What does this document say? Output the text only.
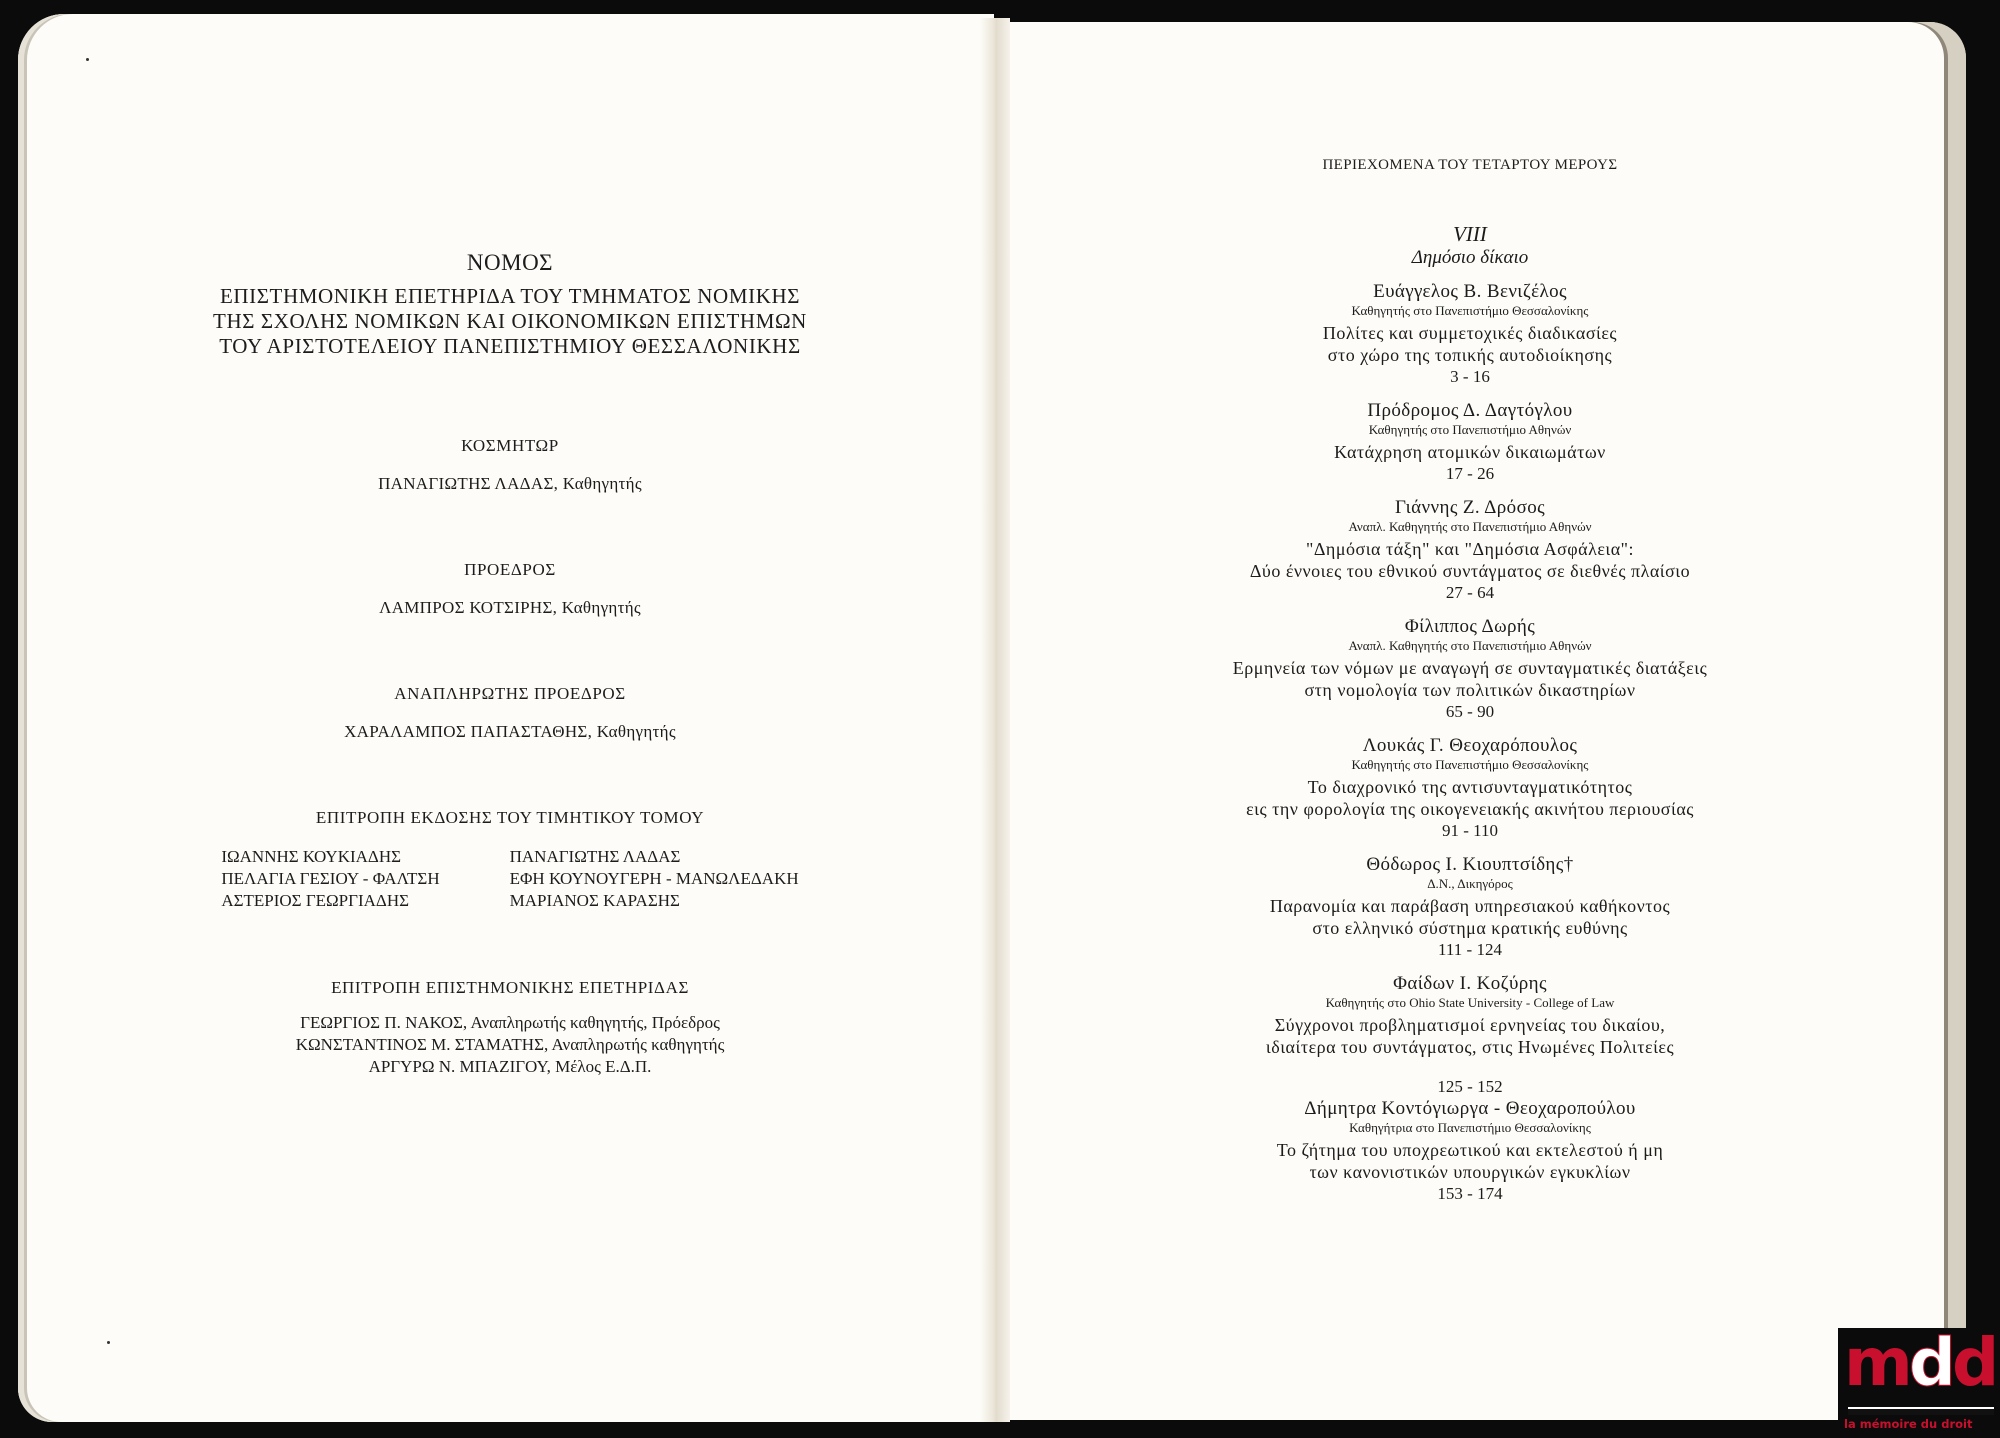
ΝΟΜΟΣ
ΕΠΙΣΤΗΜΟΝΙΚΗ ΕΠΕΤΗΡΙΔΑ ΤΟΥ ΤΜΗΜΑΤΟΣ ΝΟΜΙΚΗΣ
ΤΗΣ ΣΧΟΛΗΣ ΝΟΜΙΚΩΝ ΚΑΙ ΟΙΚΟΝΟΜΙΚΩΝ ΕΠΙΣΤΗΜΩΝ
ΤΟΥ ΑΡΙΣΤΟΤΕΛΕΙΟΥ ΠΑΝΕΠΙΣΤΗΜΙΟΥ ΘΕΣΣΑΛΟΝΙΚΗΣ
ΚΟΣΜΗΤΩΡ
ΠΑΝΑΓΙΩΤΗΣ ΛΑΔΑΣ, Καθηγητής
ΠΡΟΕΔΡΟΣ
ΛΑΜΠΡΟΣ ΚΟΤΣΙΡΗΣ, Καθηγητής
ΑΝΑΠΛΗΡΩΤΗΣ ΠΡΟΕΔΡΟΣ
ΧΑΡΑΛΑΜΠΟΣ ΠΑΠΑΣΤΑΘΗΣ, Καθηγητής
ΕΠΙΤΡΟΠΗ ΕΚΔΟΣΗΣ ΤΟΥ ΤΙΜΗΤΙΚΟΥ ΤΟΜΟΥ
ΙΩΑΝΝΗΣ ΚΟΥΚΙΑΔΗΣ
ΠΕΛΑΓΙΑ ΓΕΣΙΟΥ - ΦΑΛΤΣΗ
ΑΣΤΕΡΙΟΣ ΓΕΩΡΓΙΑΔΗΣ
ΠΑΝΑΓΙΩΤΗΣ ΛΑΔΑΣ
ΕΦΗ ΚΟΥΝΟΥΓΕΡΗ - ΜΑΝΩΛΕΔΑΚΗ
ΜΑΡΙΑΝΟΣ ΚΑΡΑΣΗΣ
ΕΠΙΤΡΟΠΗ ΕΠΙΣΤΗΜΟΝΙΚΗΣ ΕΠΕΤΗΡΙΔΑΣ
ΓΕΩΡΓΙΟΣ Π. ΝΑΚΟΣ, Αναπληρωτής καθηγητής, Πρόεδρος
ΚΩΝΣΤΑΝΤΙΝΟΣ Μ. ΣΤΑΜΑΤΗΣ, Αναπληρωτής καθηγητής
ΑΡΓΥΡΩ Ν. ΜΠΑΖΙΓΟΥ, Μέλος Ε.Δ.Π.
ΠΕΡΙΕΧΟΜΕΝΑ ΤΟΥ ΤΕΤΑΡΤΟΥ ΜΕΡΟΥΣ
VIII
Δημόσιο δίκαιο
Ευάγγελος Β. Βενιζέλος
Καθηγητής στο Πανεπιστήμιο Θεσσαλονίκης
Πολίτες και συμμετοχικές διαδικασίες
στο χώρο της τοπικής αυτοδιοίκησης
3 - 16
Πρόδρομος Δ. Δαγτόγλου
Καθηγητής στο Πανεπιστήμιο Αθηνών
Κατάχρηση ατομικών δικαιωμάτων
17 - 26
Γιάννης Ζ. Δρόσος
Αναπλ. Καθηγητής στο Πανεπιστήμιο Αθηνών
"Δημόσια τάξη" και "Δημόσια Ασφάλεια":
Δύο έννοιες του εθνικού συντάγματος σε διεθνές πλαίσιο
27 - 64
Φίλιππος Δωρής
Αναπλ. Καθηγητής στο Πανεπιστήμιο Αθηνών
Ερμηνεία των νόμων με αναγωγή σε συνταγματικές διατάξεις
στη νομολογία των πολιτικών δικαστηρίων
65 - 90
Λουκάς Γ. Θεοχαρόπουλος
Καθηγητής στο Πανεπιστήμιο Θεσσαλονίκης
Το διαχρονικό της αντισυνταγματικότητος
εις την φορολογία της οικογενειακής ακινήτου περιουσίας
91 - 110
Θόδωρος Ι. Κιουπτσίδης†
Δ.Ν., Δικηγόρος
Παρανομία και παράβαση υπηρεσιακού καθήκοντος
στο ελληνικό σύστημα κρατικής ευθύνης
111 - 124
Φαίδων Ι. Κοζύρης
Καθηγητής στο Ohio State University - College of Law
Σύγχρονοι προβληματισμοί ερνηνείας του δικαίου,
ιδιαίτερα του συντάγματος, στις Ηνωμένες Πολιτείες
125 - 152
Δήμητρα Κοντόγιωργα - Θεοχαροπούλου
Καθηγήτρια στο Πανεπιστήμιο Θεσσαλονίκης
Το ζήτημα του υποχρεωτικού και εκτελεστού ή μη
των κανονιστικών υπουργικών εγκυκλίων
153 - 174
mdd
la mémoire du droit
